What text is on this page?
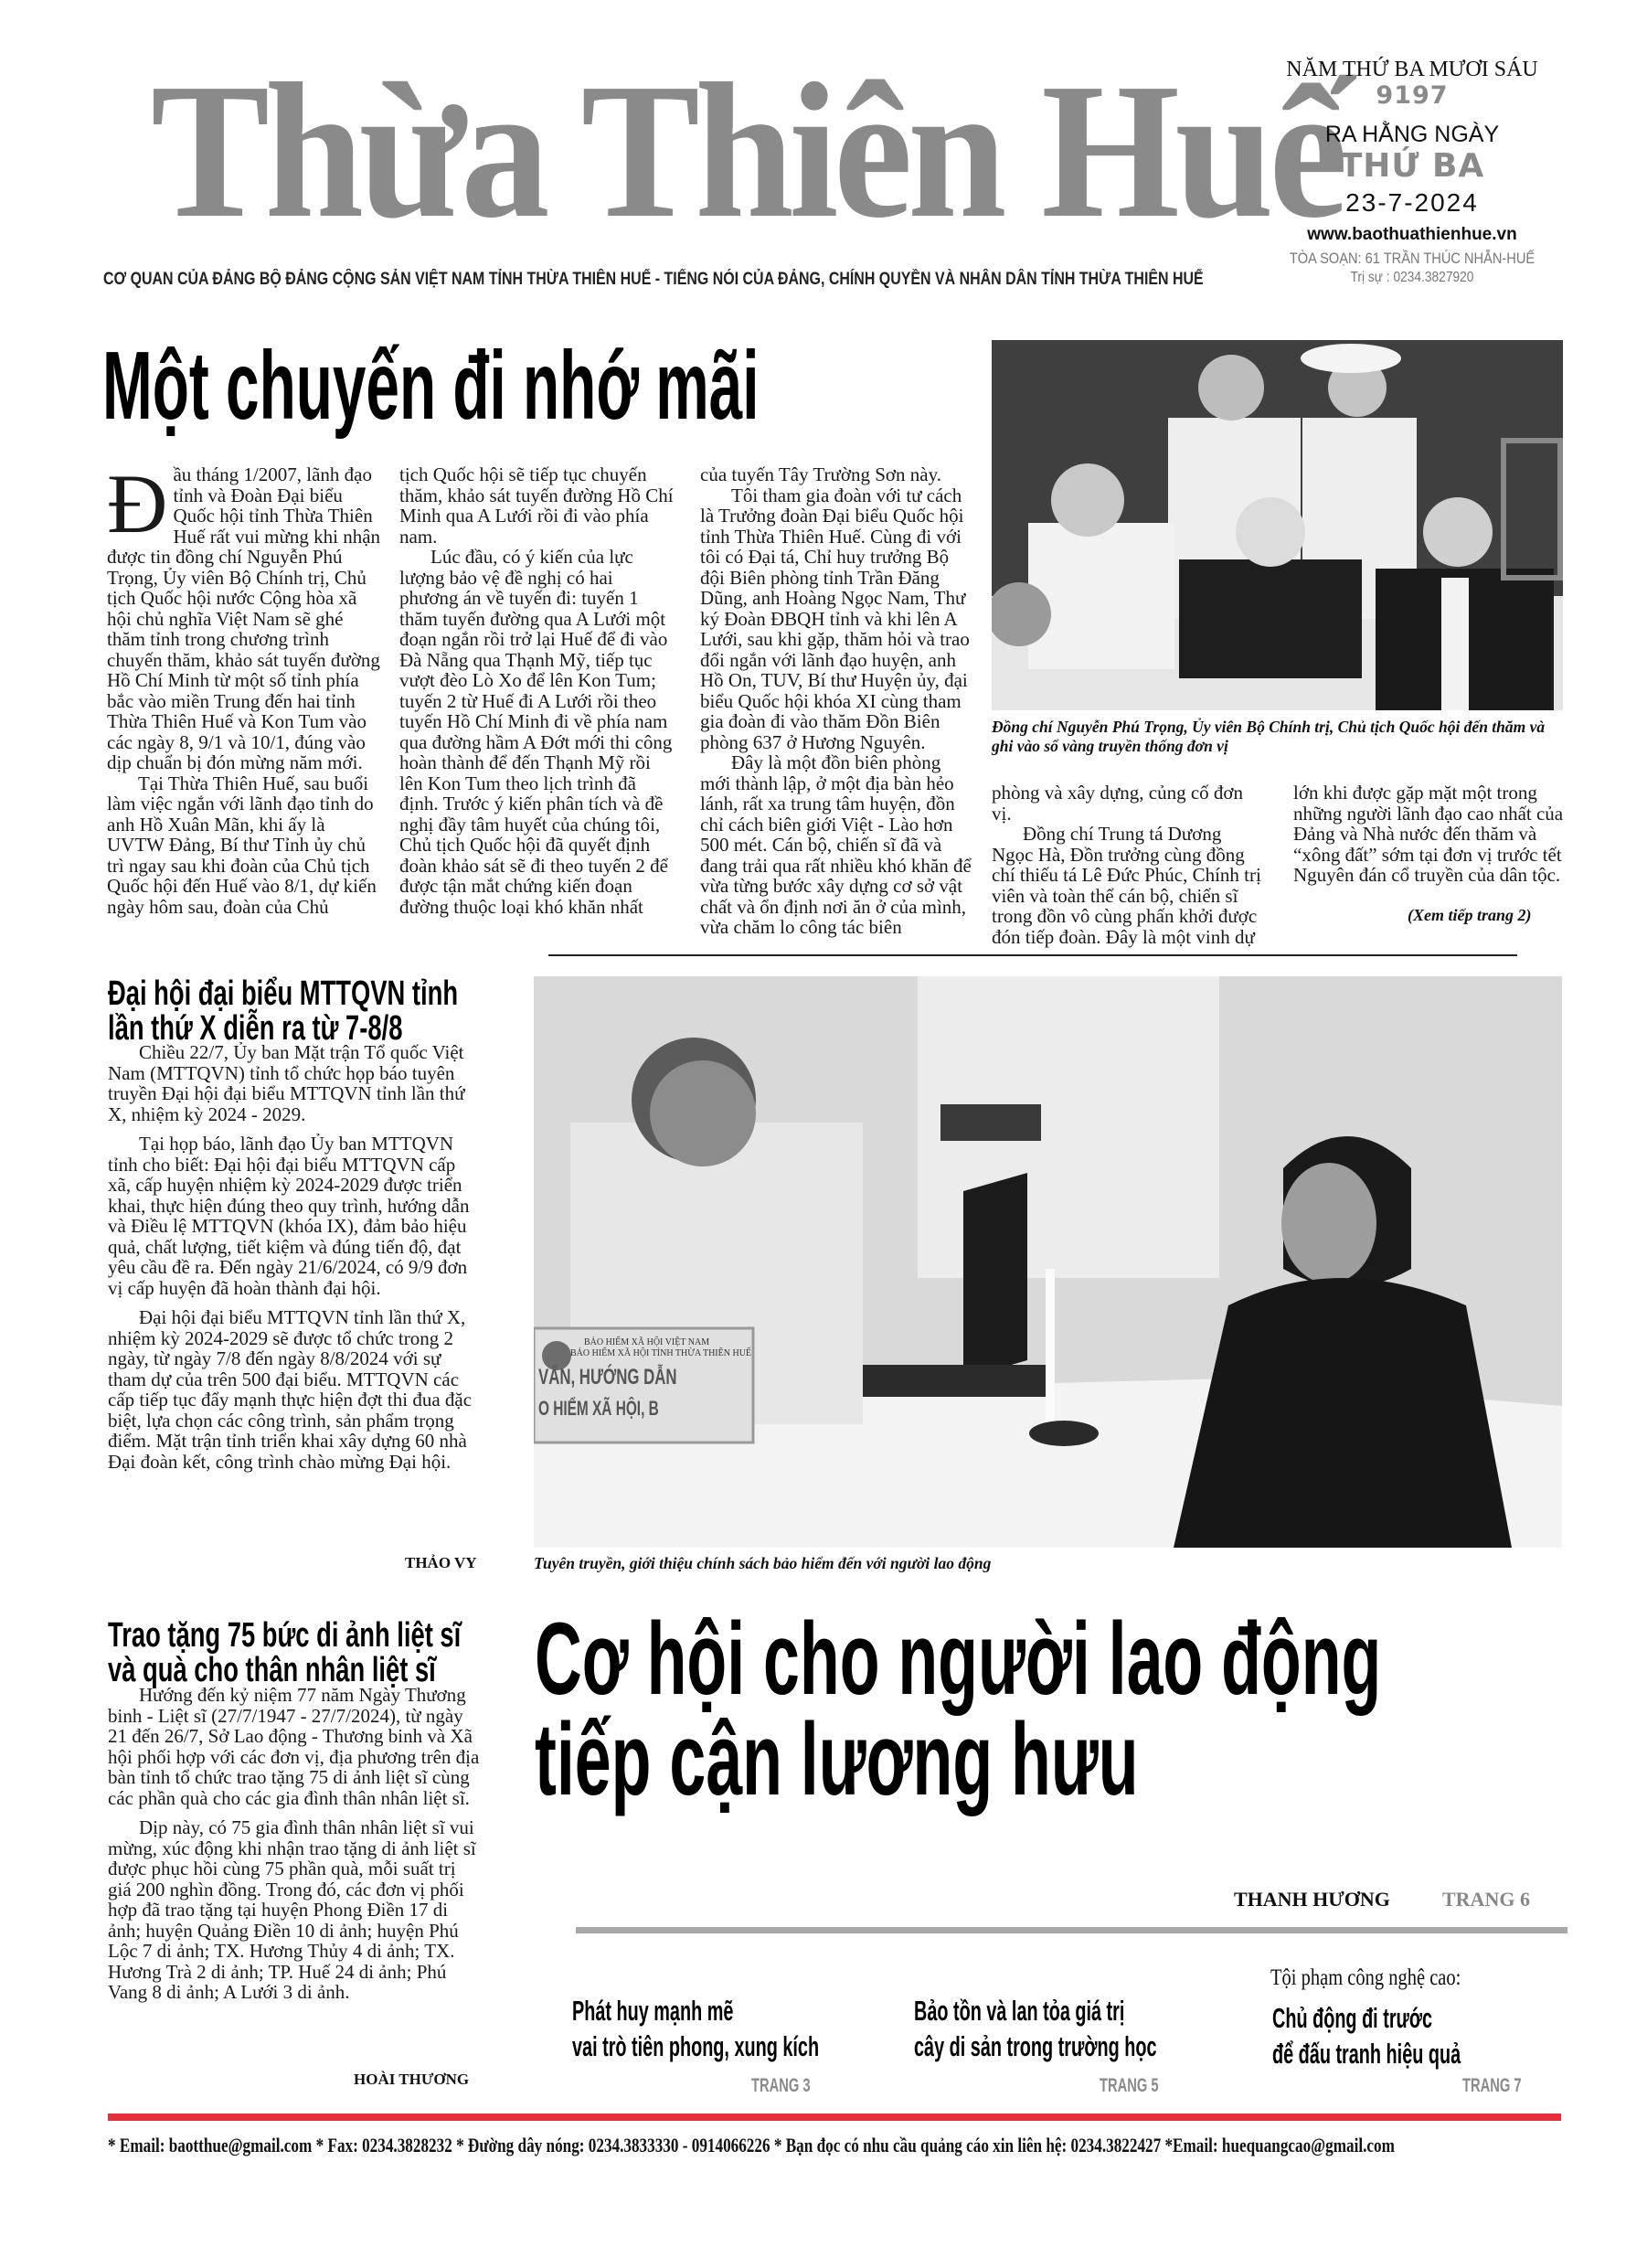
Thừa Thiên Huế
NĂM THỨ BA MƯƠI SÁU
9197
RA HẰNG NGÀY
THỨ BA
23-7-2024
www.baothuathienhue.vn
TÒA SOẠN: 61 TRẦN THÚC NHẪN-HUẾ
Trị sự : 0234.3827920
CƠ QUAN CỦA ĐẢNG BỘ ĐẢNG CỘNG SẢN VIỆT NAM TỈNH THỪA THIÊN HUẾ - TIẾNG NÓI CỦA ĐẢNG, CHÍNH QUYỀN VÀ NHÂN DÂN TỈNH THỪA THIÊN HUẾ
Một chuyến đi nhớ mãi

Đầu tháng 1/2007, lãnh đạo tỉnh và Đoàn Đại biểu Quốc hội tỉnh Thừa Thiên Huế rất vui mừng khi nhận được tin đồng chí Nguyễn Phú Trọng, Ủy viên Bộ Chính trị, Chủ tịch Quốc hội nước Cộng hòa xã hội chủ nghĩa Việt Nam sẽ ghé thăm tỉnh trong chương trình chuyến thăm, khảo sát tuyến đường Hồ Chí Minh từ một số tỉnh phía bắc vào miền Trung đến hai tỉnh Thừa Thiên Huế và Kon Tum vào các ngày 8, 9/1 và 10/1, đúng vào dịp chuẩn bị đón mừng năm mới.

Tại Thừa Thiên Huế, sau buổi làm việc ngắn với lãnh đạo tỉnh do anh Hồ Xuân Mãn, khi ấy là UVTW Đảng, Bí thư Tỉnh ủy chủ trì ngay sau khi đoàn của Chủ tịch Quốc hội đến Huế vào 8/1, dự kiến ngày hôm sau, đoàn của Chủ

tịch Quốc hội sẽ tiếp tục chuyến thăm, khảo sát tuyến đường Hồ Chí Minh qua A Lưới rồi đi vào phía nam.

Lúc đầu, có ý kiến của lực lượng bảo vệ đề nghị có hai phương án về tuyến đi: tuyến 1 thăm tuyến đường qua A Lưới một đoạn ngắn rồi trở lại Huế để đi vào Đà Nẵng qua Thạnh Mỹ, tiếp tục vượt đèo Lò Xo để lên Kon Tum; tuyến 2 từ Huế đi A Lưới rồi theo tuyến Hồ Chí Minh đi về phía nam qua đường hầm A Đớt mới thi công hoàn thành để đến Thạnh Mỹ rồi lên Kon Tum theo lịch trình đã định. Trước ý kiến phân tích và đề nghị đầy tâm huyết của chúng tôi, Chủ tịch Quốc hội đã quyết định đoàn khảo sát sẽ đi theo tuyến 2 để được tận mắt chứng kiến đoạn đường thuộc loại khó khăn nhất

của tuyến Tây Trường Sơn này.

Tôi tham gia đoàn với tư cách là Trưởng đoàn Đại biểu Quốc hội tỉnh Thừa Thiên Huế. Cùng đi với tôi có Đại tá, Chỉ huy trưởng Bộ đội Biên phòng tỉnh Trần Đăng Dũng, anh Hoàng Ngọc Nam, Thư ký Đoàn ĐBQH tỉnh và khi lên A Lưới, sau khi gặp, thăm hỏi và trao đổi ngắn với lãnh đạo huyện, anh Hồ On, TUV, Bí thư Huyện ủy, đại biểu Quốc hội khóa XI cùng tham gia đoàn đi vào thăm Đồn Biên phòng 637 ở Hương Nguyên.

Đây là một đồn biên phòng mới thành lập, ở một địa bàn hẻo lánh, rất xa trung tâm huyện, đồn chỉ cách biên giới Việt - Lào hơn 500 mét. Cán bộ, chiến sĩ đã và đang trải qua rất nhiều khó khăn để vừa từng bước xây dựng cơ sở vật chất và ổn định nơi ăn ở của mình, vừa chăm lo công tác biên

Đồng chí Nguyễn Phú Trọng, Ủy viên Bộ Chính trị, Chủ tịch Quốc hội đến thăm và ghi vào sổ vàng truyền thống đơn vị

phòng và xây dựng, củng cố đơn vị.

Đồng chí Trung tá Dương Ngọc Hà, Đồn trưởng cùng đồng chí thiếu tá Lê Đức Phúc, Chính trị viên và toàn thể cán bộ, chiến sĩ trong đồn vô cùng phấn khởi được đón tiếp đoàn. Đây là một vinh dự

lớn khi được gặp mặt một trong những người lãnh đạo cao nhất của Đảng và Nhà nước đến thăm và “xông đất” sớm tại đơn vị trước tết Nguyên đán cổ truyền của dân tộc.

(Xem tiếp trang 2)
Đại hội đại biểu MTTQVN tỉnh
lần thứ X diễn ra từ 7-8/8

Chiều 22/7, Ủy ban Mặt trận Tổ quốc Việt Nam (MTTQVN) tỉnh tổ chức họp báo tuyên truyền Đại hội đại biểu MTTQVN tỉnh lần thứ X, nhiệm kỳ 2024 - 2029.

Tại họp báo, lãnh đạo Ủy ban MTTQVN tỉnh cho biết: Đại hội đại biểu MTTQVN cấp xã, cấp huyện nhiệm kỳ 2024-2029 được triển khai, thực hiện đúng theo quy trình, hướng dẫn và Điều lệ MTTQVN (khóa IX), đảm bảo hiệu quả, chất lượng, tiết kiệm và đúng tiến độ, đạt yêu cầu đề ra. Đến ngày 21/6/2024, có 9/9 đơn vị cấp huyện đã hoàn thành đại hội.

Đại hội đại biểu MTTQVN tỉnh lần thứ X, nhiệm kỳ 2024-2029 sẽ được tổ chức trong 2 ngày, từ ngày 7/8 đến ngày 8/8/2024 với sự tham dự của trên 500 đại biểu. MTTQVN các cấp tiếp tục đẩy mạnh thực hiện đợt thi đua đặc biệt, lựa chọn các công trình, sản phẩm trọng điểm. Mặt trận tỉnh triển khai xây dựng 60 nhà Đại đoàn kết, công trình chào mừng Đại hội.

THẢO VY
Trao tặng 75 bức di ảnh liệt sĩ
và quà cho thân nhân liệt sĩ

Hướng đến kỷ niệm 77 năm Ngày Thương binh - Liệt sĩ (27/7/1947 - 27/7/2024), từ ngày 21 đến 26/7, Sở Lao động - Thương binh và Xã hội phối hợp với các đơn vị, địa phương trên địa bàn tỉnh tổ chức trao tặng 75 di ảnh liệt sĩ cùng các phần quà cho các gia đình thân nhân liệt sĩ.

Dịp này, có 75 gia đình thân nhân liệt sĩ vui mừng, xúc động khi nhận trao tặng di ảnh liệt sĩ được phục hồi cùng 75 phần quà, mỗi suất trị giá 200 nghìn đồng. Trong đó, các đơn vị phối hợp đã trao tặng tại huyện Phong Điền 17 di ảnh; huyện Quảng Điền 10 di ảnh; huyện Phú Lộc 7 di ảnh; TX. Hương Thủy 4 di ảnh; TX. Hương Trà 2 di ảnh; TP. Huế 24 di ảnh; Phú Vang 8 di ảnh; A Lưới 3 di ảnh.

HOÀI THƯƠNG
BẢO HIỂM XÃ HỘI VIỆT NAM
BẢO HIỂM XÃ HỘI TỈNH THỪA THIÊN HUẾ
VẤN, HƯỚNG DẪN
O HIỂM XÃ HỘI, B
Tuyên truyền, giới thiệu chính sách bảo hiểm đến với người lao động
Cơ hội cho người lao động
tiếp cận lương hưu
THANH HƯƠNG	TRANG 6
Phát huy mạnh mẽ
vai trò tiên phong, xung kích
TRANG 3
Bảo tồn và lan tỏa giá trị
cây di sản trong trường học
TRANG 5
Tội phạm công nghệ cao:
Chủ động đi trước
để đấu tranh hiệu quả
TRANG 7
* Email: baotthue@gmail.com * Fax: 0234.3828232 * Đường dây nóng: 0234.3833330 - 0914066226 * Bạn đọc có nhu cầu quảng cáo xin liên hệ: 0234.3822427 *Email: huequangcao@gmail.com
